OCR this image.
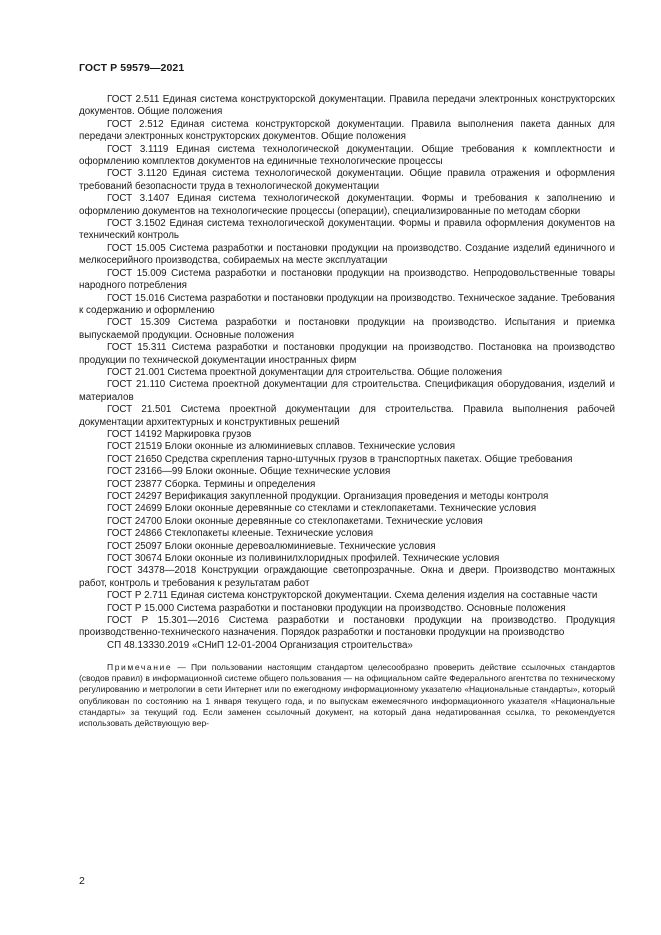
ГОСТ Р 59579—2021

ГОСТ 2.511 Единая система конструкторской документации. Правила передачи электронных конструкторских документов. Общие положения

ГОСТ 2.512 Единая система конструкторской документации. Правила выполнения пакета данных для передачи электронных конструкторских документов. Общие положения

ГОСТ 3.1119 Единая система технологической документации. Общие требования к комплектности и оформлению комплектов документов на единичные технологические процессы

ГОСТ 3.1120 Единая система технологической документации. Общие правила отражения и оформления требований безопасности труда в технологической документации

ГОСТ 3.1407 Единая система технологической документации. Формы и требования к заполнению и оформлению документов на технологические процессы (операции), специализированные по методам сборки

ГОСТ 3.1502 Единая система технологической документации. Формы и правила оформления документов на технический контроль

ГОСТ 15.005 Система разработки и постановки продукции на производство. Создание изделий единичного и мелкосерийного производства, собираемых на месте эксплуатации

ГОСТ 15.009 Система разработки и постановки продукции на производство. Непродовольственные товары народного потребления

ГОСТ 15.016 Система разработки и постановки продукции на производство. Техническое задание. Требования к содержанию и оформлению

ГОСТ 15.309 Система разработки и постановки продукции на производство. Испытания и приемка выпускаемой продукции. Основные положения

ГОСТ 15.311 Система разработки и постановки продукции на производство. Постановка на производство продукции по технической документации иностранных фирм

ГОСТ 21.001 Система проектной документации для строительства. Общие положения

ГОСТ 21.110 Система проектной документации для строительства. Спецификация оборудования, изделий и материалов

ГОСТ 21.501 Система проектной документации для строительства. Правила выполнения рабочей документации архитектурных и конструктивных решений

ГОСТ 14192 Маркировка грузов

ГОСТ 21519 Блоки оконные из алюминиевых сплавов. Технические условия

ГОСТ 21650 Средства скрепления тарно-штучных грузов в транспортных пакетах. Общие требования

ГОСТ 23166—99 Блоки оконные. Общие технические условия

ГОСТ 23877 Сборка. Термины и определения

ГОСТ 24297 Верификация закупленной продукции. Организация проведения и методы контроля

ГОСТ 24699 Блоки оконные деревянные со стеклами и стеклопакетами. Технические условия

ГОСТ 24700 Блоки оконные деревянные со стеклопакетами. Технические условия

ГОСТ 24866 Стеклопакеты клееные. Технические условия

ГОСТ 25097 Блоки оконные деревоалюминиевые. Технические условия

ГОСТ 30674 Блоки оконные из поливинилхлоридных профилей. Технические условия

ГОСТ 34378—2018 Конструкции ограждающие светопрозрачные. Окна и двери. Производство монтажных работ, контроль и требования к результатам работ

ГОСТ Р 2.711 Единая система конструкторской документации. Схема деления изделия на составные части

ГОСТ Р 15.000 Система разработки и постановки продукции на производство. Основные положения

ГОСТ Р 15.301—2016 Система разработки и постановки продукции на производство. Продукция производственно-технического назначения. Порядок разработки и постановки продукции на производство

СП 48.13330.2019 «СНиП 12-01-2004 Организация строительства»

Примечание — При пользовании настоящим стандартом целесообразно проверить действие ссылочных стандартов (сводов правил) в информационной системе общего пользования — на официальном сайте Федерального агентства по техническому регулированию и метрологии в сети Интернет или по ежегодному информационному указателю «Национальные стандарты», который опубликован по состоянию на 1 января текущего года, и по выпускам ежемесячного информационного указателя «Национальные стандарты» за текущий год. Если заменен ссылочный документ, на который дана недатированная ссылка, то рекомендуется использовать действующую вер-
2
